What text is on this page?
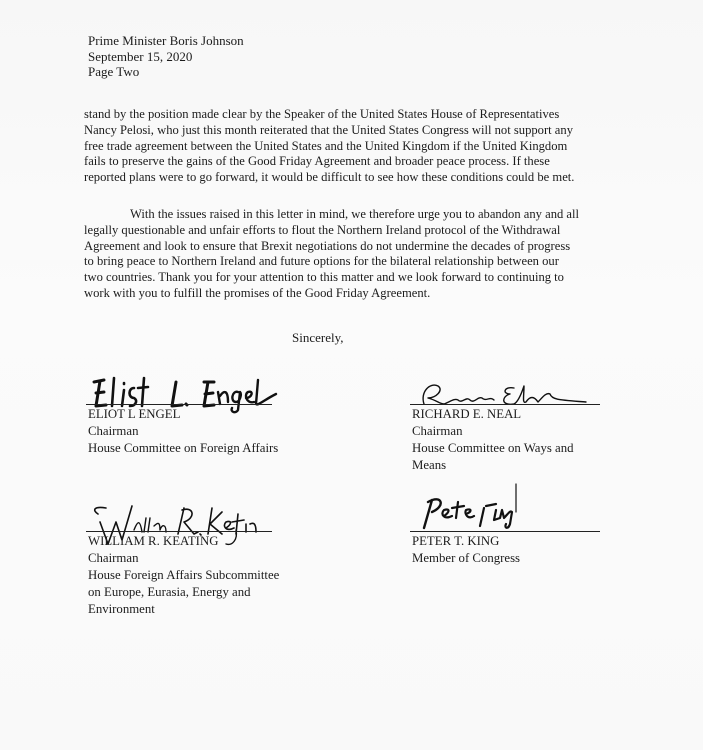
Prime Minister Boris Johnson
September 15, 2020
Page Two

stand by the position made clear by the Speaker of the United States House of Representatives
Nancy Pelosi, who just this month reiterated that the United States Congress will not support any
free trade agreement between the United States and the United Kingdom if the United Kingdom
fails to preserve the gains of the Good Friday Agreement and broader peace process. If these
reported plans were to go forward, it would be difficult to see how these conditions could be met.

With the issues raised in this letter in mind, we therefore urge you to abandon any and all
legally questionable and unfair efforts to flout the Northern Ireland protocol of the Withdrawal
Agreement and look to ensure that Brexit negotiations do not undermine the decades of progress
to bring peace to Northern Ireland and future options for the bilateral relationship between our
two countries. Thank you for your attention to this matter and we look forward to continuing to
work with you to fulfill the promises of the Good Friday Agreement.

Sincerely,
ELIOT L ENGEL
Chairman
House Committee on Foreign Affairs
RICHARD E. NEAL
Chairman
House Committee on Ways and
Means
WILLIAM R. KEATING
Chairman
House Foreign Affairs Subcommittee
on Europe, Eurasia, Energy and
Environment
PETER T. KING
Member of Congress
